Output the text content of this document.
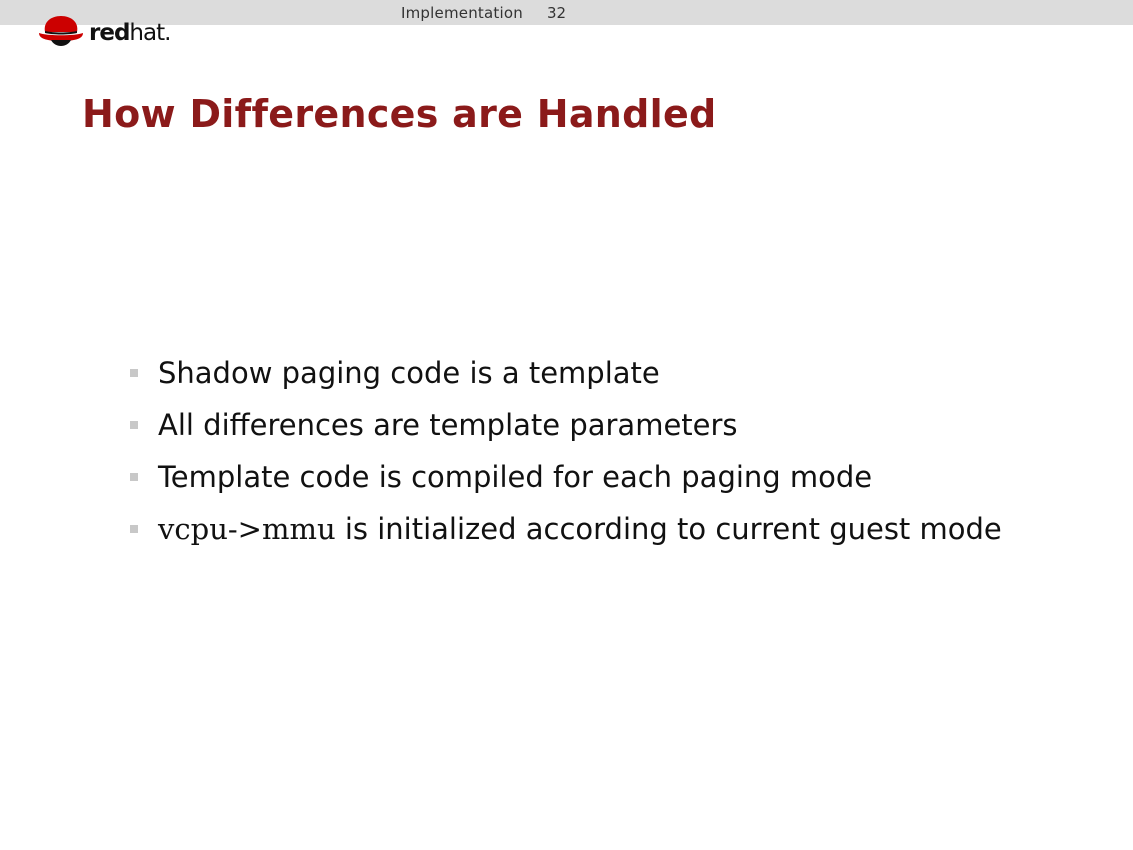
Implementation 32
redhat.
How Differences are Handled
Shadow paging code is a template
All differences are template parameters
Template code is compiled for each paging mode
vcpu->mmu is initialized according to current guest mode
